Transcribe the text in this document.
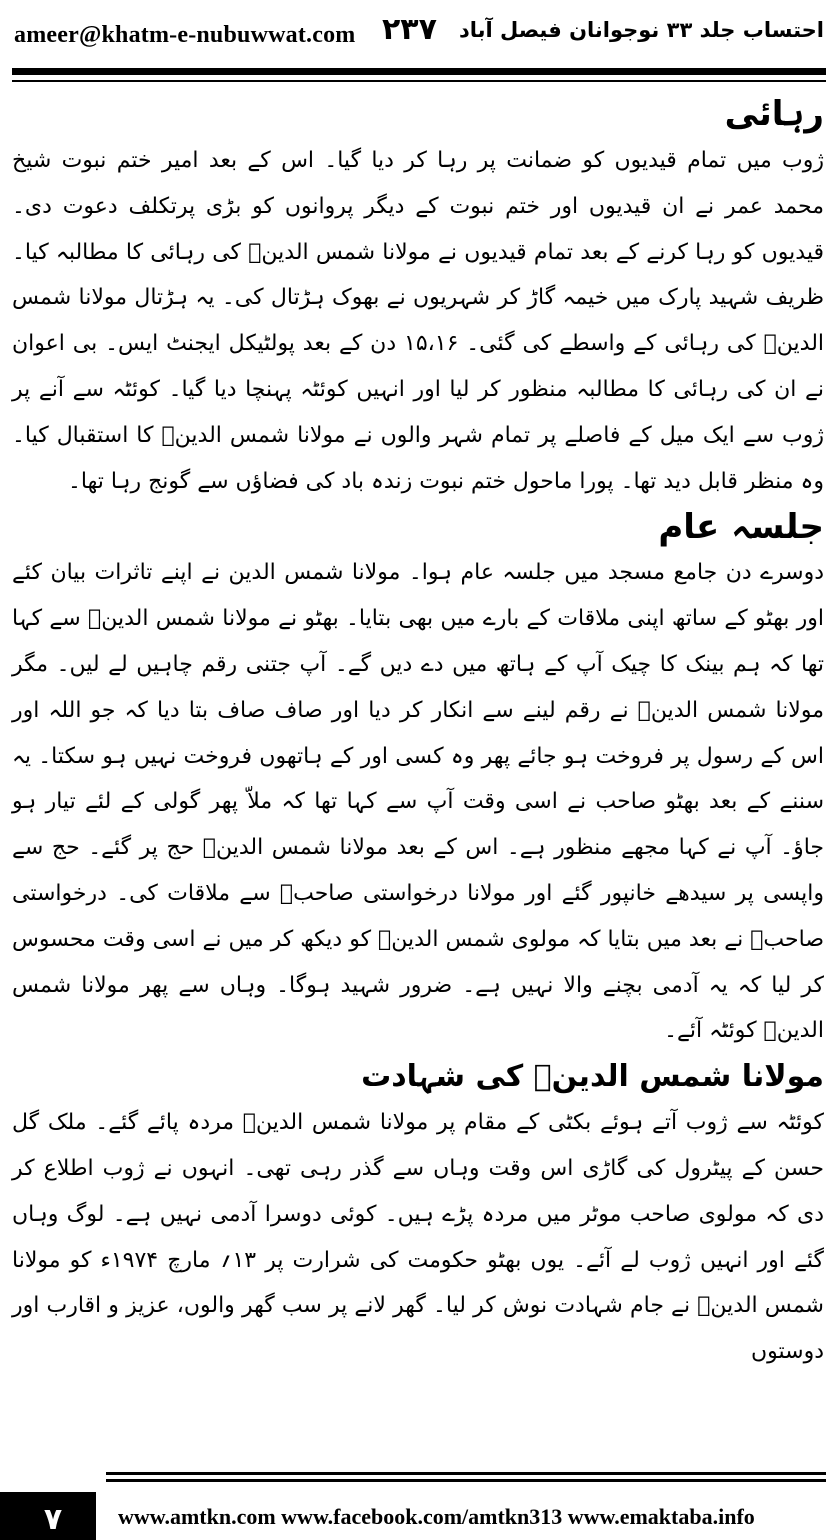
ameer@khatm-e-nubuwwat.com ۲۳۷ احتساب جلد ۳۳ نوجوانان فیصل آباد
رہائی

ژوب میں تمام قیدیوں کو ضمانت پر رہا کر دیا گیا۔ اس کے بعد امیر ختم نبوت شیخ محمد عمر نے ان قیدیوں اور ختم نبوت کے دیگر پروانوں کو بڑی پرتکلف دعوت دی۔ قیدیوں کو رہا کرنے کے بعد تمام قیدیوں نے مولانا شمس الدینؒ کی رہائی کا مطالبہ کیا۔ ظریف شہید پارک میں خیمہ گاڑ کر شہریوں نے بھوک ہڑتال کی۔ یہ ہڑتال مولانا شمس الدینؒ کی رہائی کے واسطے کی گئی۔ ۱۵،۱۶ دن کے بعد پولٹیکل ایجنٹ ایس۔ بی اعوان نے ان کی رہائی کا مطالبہ منظور کر لیا اور انہیں کوئٹہ پہنچا دیا گیا۔ کوئٹہ سے آنے پر ژوب سے ایک میل کے فاصلے پر تمام شہر والوں نے مولانا شمس الدینؒ کا استقبال کیا۔ وہ منظر قابل دید تھا۔ پورا ماحول ختم نبوت زندہ باد کی فضاؤں سے گونج رہا تھا۔

جلسہ عام

دوسرے دن جامع مسجد میں جلسہ عام ہوا۔ مولانا شمس الدین نے اپنے تاثرات بیان کئے اور بھٹو کے ساتھ اپنی ملاقات کے بارے میں بھی بتایا۔ بھٹو نے مولانا شمس الدینؒ سے کہا تھا کہ ہم بینک کا چیک آپ کے ہاتھ میں دے دیں گے۔ آپ جتنی رقم چاہیں لے لیں۔ مگر مولانا شمس الدینؒ نے رقم لینے سے انکار کر دیا اور صاف صاف بتا دیا کہ جو اللہ اور اس کے رسول پر فروخت ہو جائے پھر وہ کسی اور کے ہاتھوں فروخت نہیں ہو سکتا۔ یہ سننے کے بعد بھٹو صاحب نے اسی وقت آپ سے کہا تھا کہ ملاّ پھر گولی کے لئے تیار ہو جاؤ۔ آپ نے کہا مجھے منظور ہے۔ اس کے بعد مولانا شمس الدینؒ حج پر گئے۔ حج سے واپسی پر سیدھے خانپور گئے اور مولانا درخواستی صاحبؒ سے ملاقات کی۔ درخواستی صاحبؒ نے بعد میں بتایا کہ مولوی شمس الدینؒ کو دیکھ کر میں نے اسی وقت محسوس کر لیا کہ یہ آدمی بچنے والا نہیں ہے۔ ضرور شہید ہوگا۔ وہاں سے پھر مولانا شمس الدینؒ کوئٹہ آئے۔

مولانا شمس الدینؒ کی شہادت

کوئٹہ سے ژوب آتے ہوئے بکٹی کے مقام پر مولانا شمس الدینؒ مردہ پائے گئے۔ ملک گل حسن کے پیٹرول کی گاڑی اس وقت وہاں سے گذر رہی تھی۔ انہوں نے ژوب اطلاع کر دی کہ مولوی صاحب موٹر میں مردہ پڑے ہیں۔ کوئی دوسرا آدمی نہیں ہے۔ لوگ وہاں گئے اور انہیں ژوب لے آئے۔ یوں بھٹو حکومت کی شرارت پر ۱۳؍ مارچ ۱۹۷۴ء کو مولانا شمس الدینؒ نے جام شہادت نوش کر لیا۔ گھر لانے پر سب گھر والوں، عزیز و اقارب اور دوستوں

۷	www.amtkn.com www.facebook.com/amtkn313 www.emaktaba.info
